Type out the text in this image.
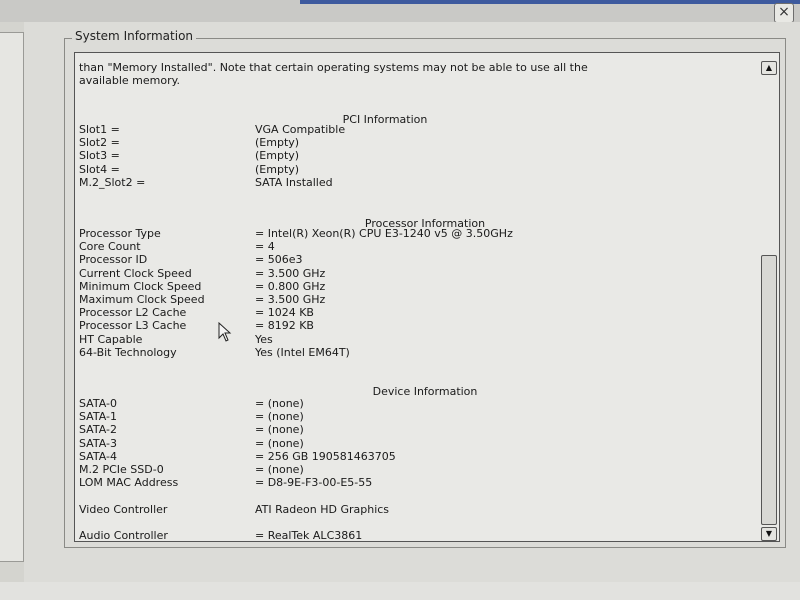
×
System Information
than "Memory Installed". Note that certain operating systems may not be able to use all the
available memory.
PCI Information
Slot1 =	VGA Compatible
Slot2 =	(Empty)
Slot3 =	(Empty)
Slot4 =	(Empty)
M.2_Slot2 =	SATA Installed
Processor Information
Processor Type	= Intel(R) Xeon(R) CPU E3-1240 v5 @ 3.50GHz
Core Count	= 4
Processor ID	= 506e3
Current Clock Speed	= 3.500 GHz
Minimum Clock Speed	= 0.800 GHz
Maximum Clock Speed	= 3.500 GHz
Processor L2 Cache	= 1024 KB
Processor L3 Cache	= 8192 KB
HT Capable	Yes
64-Bit Technology	Yes (Intel EM64T)
Device Information
SATA-0	= (none)
SATA-1	= (none)
SATA-2	= (none)
SATA-3	= (none)
SATA-4	= 256 GB 190581463705
M.2 PCIe SSD-0	= (none)
LOM MAC Address	= D8-9E-F3-00-E5-55
Video Controller	ATI Radeon HD Graphics
Audio Controller	= RealTek ALC3861
▲
▼
